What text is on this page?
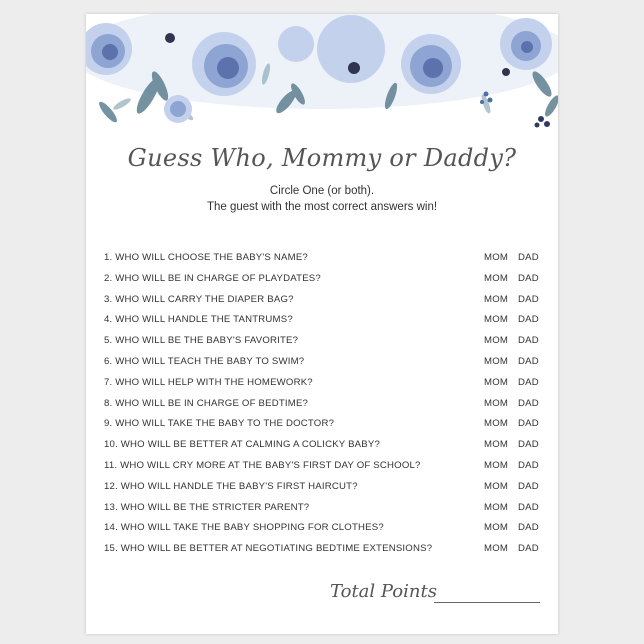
Guess Who, Mommy or Daddy?
Circle One (or both).
The guest with the most correct answers win!
1. WHO WILL CHOOSE THE BABY'S NAME?	MOM DAD
2. WHO WILL BE IN CHARGE OF PLAYDATES?	MOM DAD
3. WHO WILL CARRY THE DIAPER BAG?	MOM DAD
4. WHO WILL HANDLE THE TANTRUMS?	MOM DAD
5. WHO WILL BE THE BABY'S FAVORITE?	MOM DAD
6. WHO WILL TEACH THE BABY TO SWIM?	MOM DAD
7. WHO WILL HELP WITH THE HOMEWORK?	MOM DAD
8. WHO WILL BE IN CHARGE OF BEDTIME?	MOM DAD
9. WHO WILL TAKE THE BABY TO THE DOCTOR?	MOM DAD
10. WHO WILL BE BETTER AT CALMING A COLICKY BABY?	MOM DAD
11. WHO WILL CRY MORE AT THE BABY'S FIRST DAY OF SCHOOL?	MOM DAD
12. WHO WILL HANDLE THE BABY'S FIRST HAIRCUT?	MOM DAD
13. WHO WILL BE THE STRICTER PARENT?	MOM DAD
14. WHO WILL TAKE THE BABY SHOPPING FOR CLOTHES?	MOM DAD
15. WHO WILL BE BETTER AT NEGOTIATING BEDTIME EXTENSIONS?	MOM DAD
Total Points
